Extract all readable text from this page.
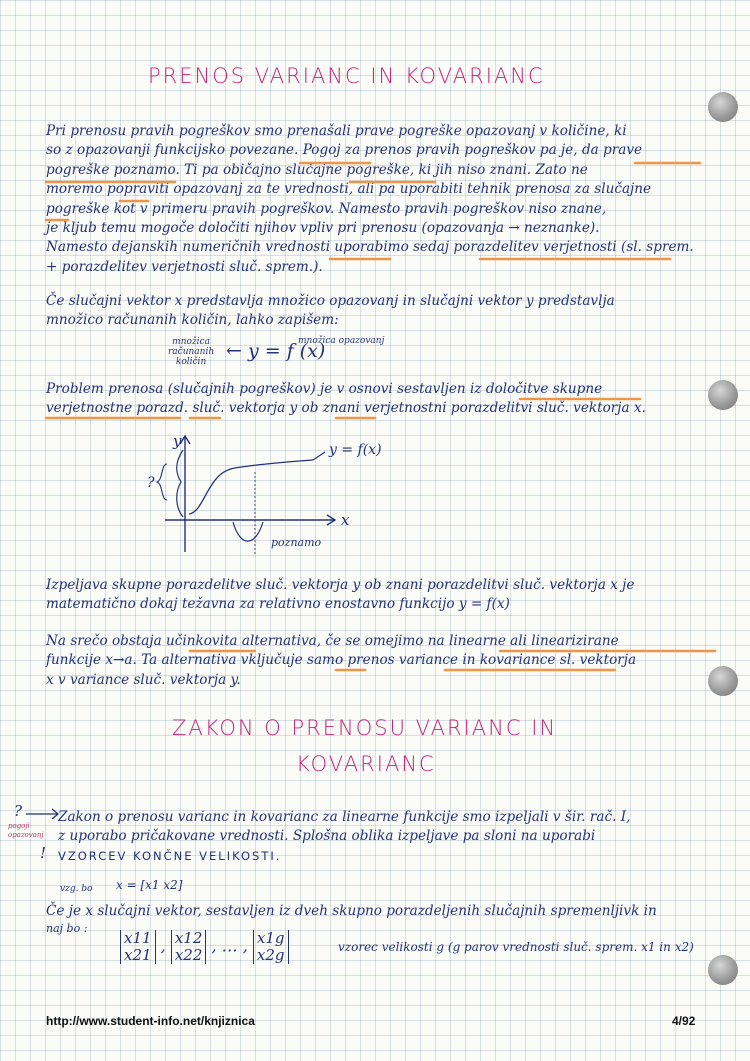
PRENOS VARIANC IN KOVARIANC
Pri prenosu pravih pogreškov smo prenašali prave pogreške opazovanj v količine, ki
so z opazovanji funkcijsko povezane. Pogoj za prenos pravih pogreškov pa je, da prave
pogreške poznamo. Ti pa običajno slučajne pogreške, ki jih niso znani. Zato ne
moremo popraviti opazovanj za te vrednosti, ali pa uporabiti tehnik prenosa za slučajne
pogreške kot v primeru pravih pogreškov. Namesto pravih pogreškov niso znane,
je kljub temu mogoče določiti njihov vpliv pri prenosu (opazovanja → neznanke).
Namesto dejanskih numeričnih vrednosti uporabimo sedaj porazdelitev verjetnosti (sl. sprem.
+ porazdelitev verjetnosti sluč. sprem.).
Če slučajni vektor x predstavlja množico opazovanj in slučajni vektor y predstavlja
množico računanih količin, lahko zapišem:
množica
računanih
količin	← y = f (x)
množica opazovanj
Problem prenosa (slučajnih pogreškov) je v osnovi sestavljen iz določitve skupne
verjetnostne porazd. sluč. vektorja y ob znani verjetnostni porazdelitvi sluč. vektorja x.
y
x
y = f(x)
?
poznamo
Izpeljava skupne porazdelitve sluč. vektorja y ob znani porazdelitvi sluč. vektorja x je
matematično dokaj težavna za relativno enostavno funkcijo y = f(x)
Na srečo obstaja učinkovita alternativa, če se omejimo na linearne ali linearizirane
funkcije x→a. Ta alternativa vključuje samo prenos variance in kovariance sl. vektorja
x v variance sluč. vektorja y.
ZAKON O PRENOSU VARIANC IN
KOVARIANC
?
pogoji opazovanj
!
Zakon o prenosu varianc in kovarianc za linearne funkcije smo izpeljali v šir. rač. I,
z uporabo pričakovane vrednosti. Splošna oblika izpeljave pa sloni na uporabi
VZORCEV KONČNE VELIKOSTI.
vzg. bo x = [x1 x2]
Če je x slučajni vektor, sestavljen iz dveh skupno porazdeljenih slučajnih spremenljivk in
naj bo :
x11
x21 , x12
x22 , … , x1g
x2g	vzorec velikosti g (g parov vrednosti sluč. sprem. x1 in x2)
http://www.student-info.net/knjiznica	4/92
